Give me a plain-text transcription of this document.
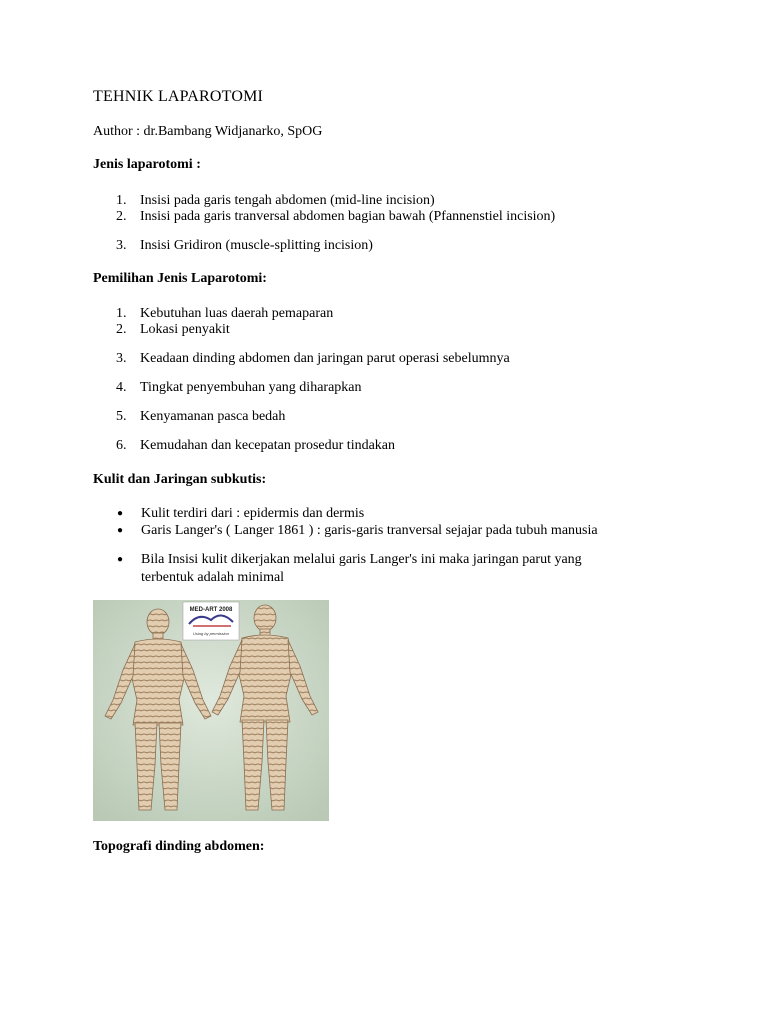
TEHNIK LAPAROTOMI
Author : dr.Bambang Widjanarko, SpOG
Jenis laparotomi :
1. Insisi pada garis tengah abdomen (mid-line incision)
2. Insisi pada garis tranversal abdomen bagian bawah (Pfannenstiel incision)
3. Insisi Gridiron (muscle-splitting incision)
Pemilihan Jenis Laparotomi:
1. Kebutuhan luas daerah pemaparan
2. Lokasi penyakit
3. Keadaan dinding abdomen dan jaringan parut operasi sebelumnya
4. Tingkat penyembuhan yang diharapkan
5. Kenyamanan pasca bedah
6. Kemudahan dan kecepatan prosedur tindakan
Kulit dan Jaringan subkutis:
● Kulit terdiri dari : epidermis dan dermis
● Garis Langer's ( Langer 1861 ) : garis-garis tranversal sejajar pada tubuh manusia
● Bila Insisi kulit dikerjakan melalui garis Langer's ini maka jaringan parut yang
terbentuk adalah minimal
MED-ART 2008
Using by permission
Topografi dinding abdomen:
